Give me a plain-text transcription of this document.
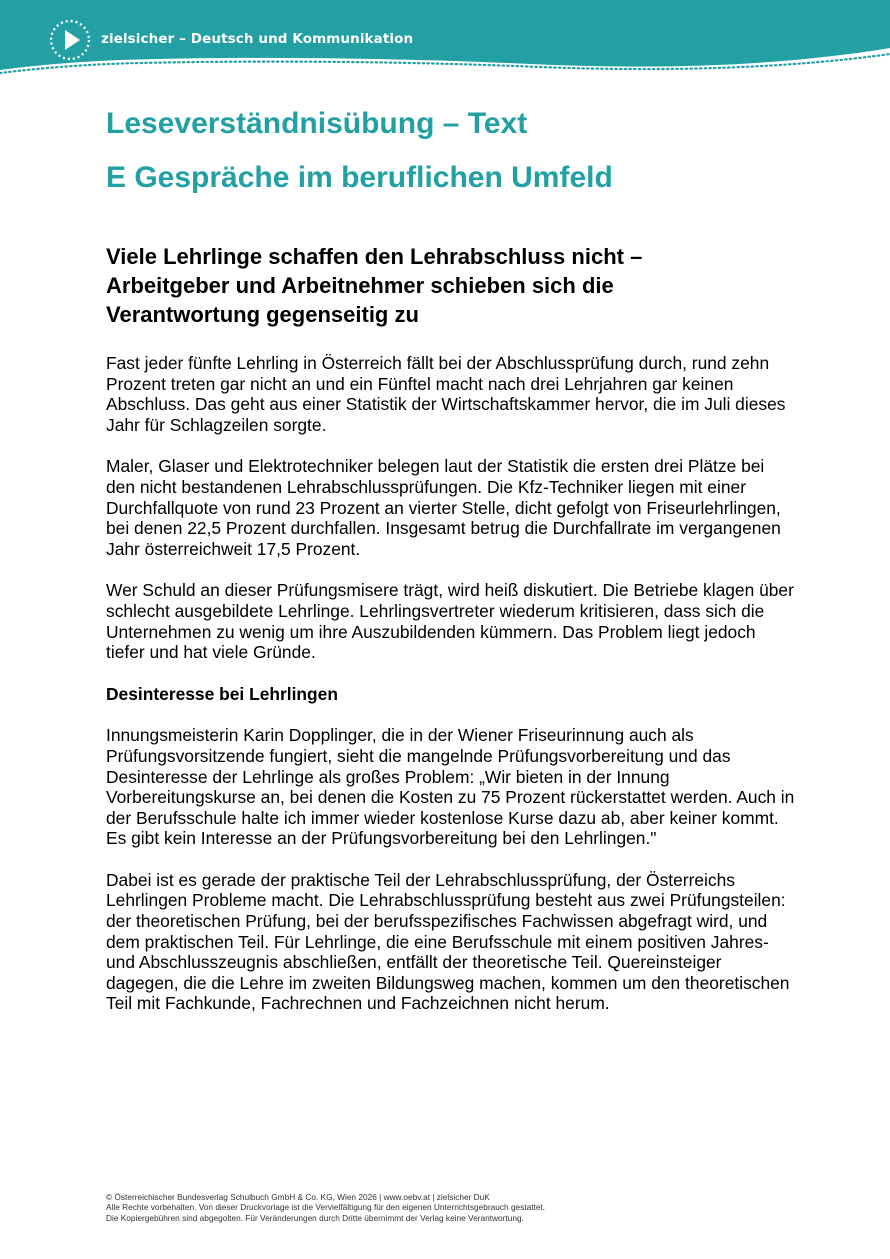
zielsicher – Deutsch und Kommunikation
Leseverständnisübung – Text
E Gespräche im beruflichen Umfeld
Viele Lehrlinge schaffen den Lehrabschluss nicht – Arbeitgeber und Arbeitnehmer schieben sich die Verantwortung gegenseitig zu

Fast jeder fünfte Lehrling in Österreich fällt bei der Abschlussprüfung durch, rund zehn Prozent treten gar nicht an und ein Fünftel macht nach drei Lehrjahren gar keinen Abschluss. Das geht aus einer Statistik der Wirtschaftskammer hervor, die im Juli dieses Jahr für Schlagzeilen sorgte.

Maler, Glaser und Elektrotechniker belegen laut der Statistik die ersten drei Plätze bei den nicht bestandenen Lehrabschlussprüfungen. Die Kfz-Techniker liegen mit einer Durchfallquote von rund 23 Prozent an vierter Stelle, dicht gefolgt von Friseurlehrlingen, bei denen 22,5 Prozent durchfallen. Insgesamt betrug die Durchfallrate im vergangenen Jahr österreichweit 17,5 Prozent.

Wer Schuld an dieser Prüfungsmisere trägt, wird heiß diskutiert. Die Betriebe klagen über schlecht ausgebildete Lehrlinge. Lehrlingsvertreter wiederum kritisieren, dass sich die Unternehmen zu wenig um ihre Auszubildenden kümmern. Das Problem liegt jedoch tiefer und hat viele Gründe.

Desinteresse bei Lehrlingen

Innungsmeisterin Karin Dopplinger, die in der Wiener Friseurinnung auch als Prüfungsvorsitzende fungiert, sieht die mangelnde Prüfungsvorbereitung und das Desinteresse der Lehrlinge als großes Problem: „Wir bieten in der Innung Vorbereitungskurse an, bei denen die Kosten zu 75 Prozent rückerstattet werden. Auch in der Berufsschule halte ich immer wieder kostenlose Kurse dazu ab, aber keiner kommt. Es gibt kein Interesse an der Prüfungsvorbereitung bei den Lehrlingen."

Dabei ist es gerade der praktische Teil der Lehrabschlussprüfung, der Österreichs Lehrlingen Probleme macht. Die Lehrabschlussprüfung besteht aus zwei Prüfungsteilen: der theoretischen Prüfung, bei der berufsspezifisches Fachwissen abgefragt wird, und dem praktischen Teil. Für Lehrlinge, die eine Berufsschule mit einem positiven Jahres- und Abschlusszeugnis abschließen, entfällt der theoretische Teil. Quereinsteiger dagegen, die die Lehre im zweiten Bildungsweg machen, kommen um den theoretischen Teil mit Fachkunde, Fachrechnen und Fachzeichnen nicht herum.

© Österreichischer Bundesverlag Schulbuch GmbH & Co. KG, Wien 2026 | www.oebv.at | zielsicher DuK
Alle Rechte vorbehalten. Von dieser Druckvorlage ist die Vervielfältigung für den eigenen Unterrichtsgebrauch gestattet.
Die Kopiergebühren sind abgegolten. Für Veränderungen durch Dritte übernimmt der Verlag keine Verantwortung.
